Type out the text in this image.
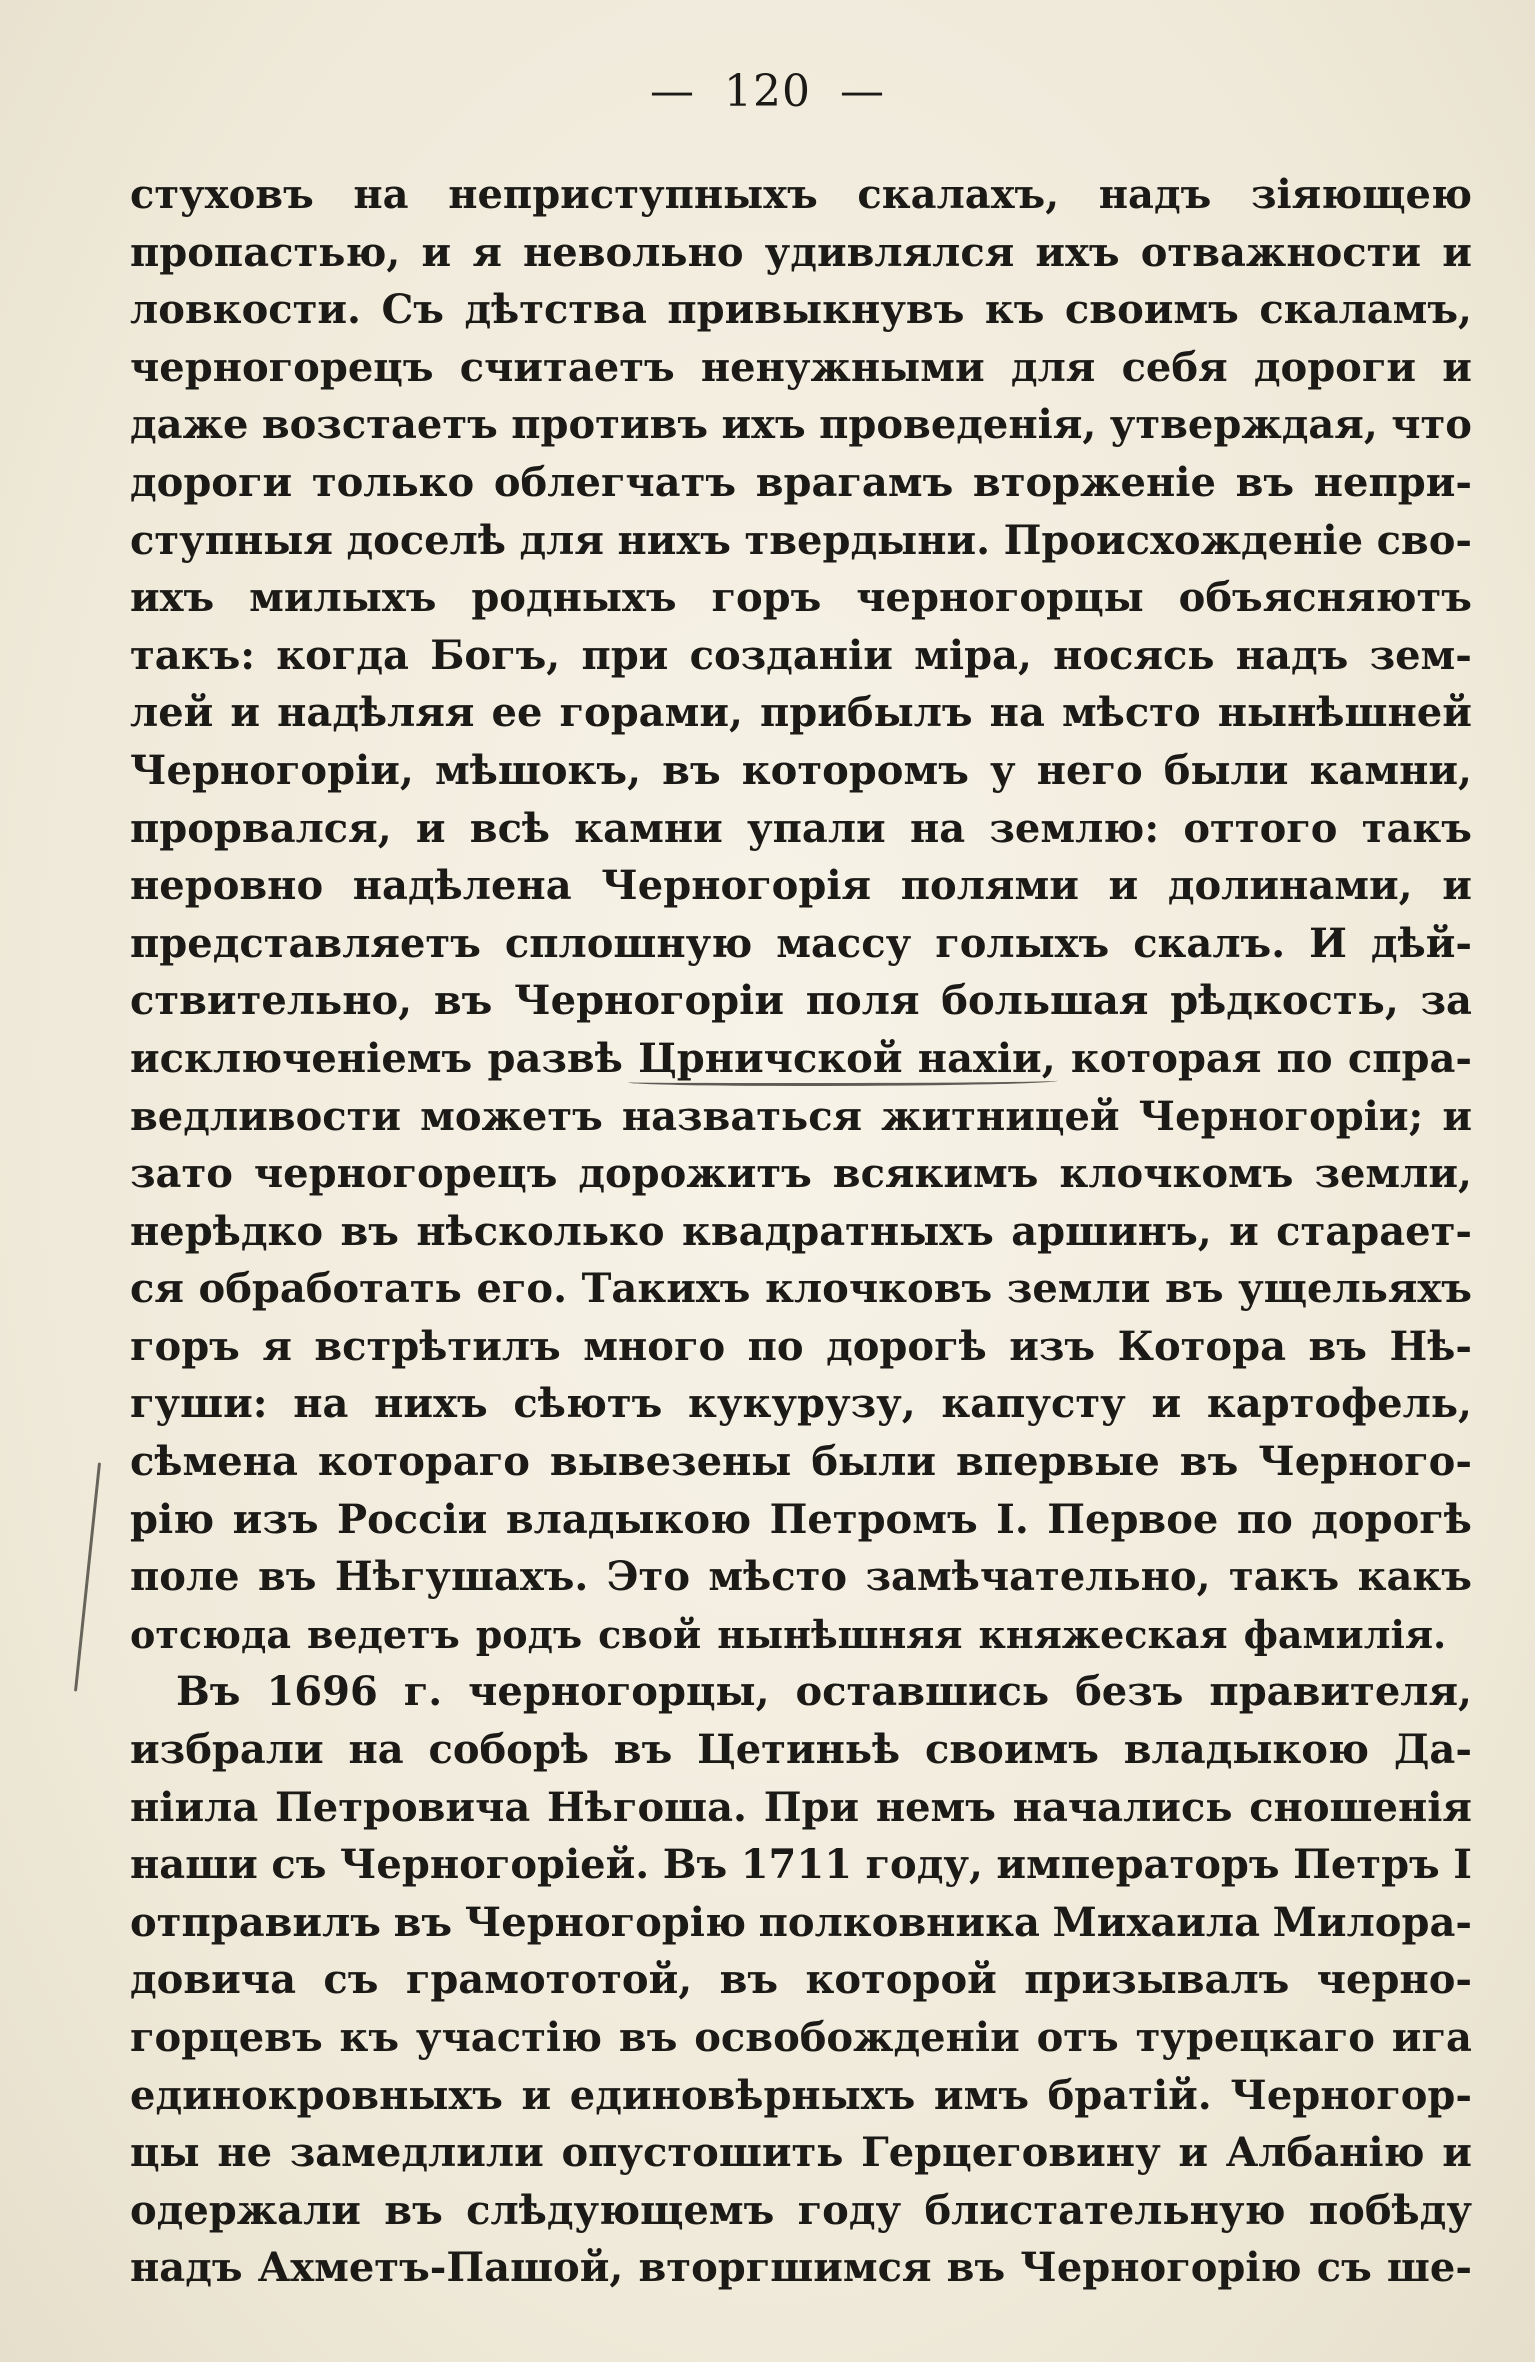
— 120 —
стуховъ на неприступныхъ скалахъ, надъ зіяющею
пропастью, и я невольно удивлялся ихъ отважности и
ловкости. Съ дѣтства привыкнувъ къ своимъ скаламъ,
черногорецъ считаетъ ненужными для себя дороги и
даже возстаетъ противъ ихъ проведенія, утверждая, что
дороги только облегчатъ врагамъ вторженіе въ непри-
ступныя доселѣ для нихъ твердыни. Происхожденіе сво-
ихъ милыхъ родныхъ горъ черногорцы объясняютъ
такъ: когда Богъ, при созданіи міра, носясь надъ зем-
лей и надѣляя ее горами, прибылъ на мѣсто нынѣшней
Черногоріи, мѣшокъ, въ которомъ у него были камни,
прорвался, и всѣ камни упали на землю: оттого такъ
неровно надѣлена Черногорія полями и долинами, и
представляетъ сплошную массу голыхъ скалъ. И дѣй-
ствительно, въ Черногоріи поля большая рѣдкость, за
исключеніемъ развѣ Црничской нахіи, которая по спра-
ведливости можетъ назваться житницей Черногоріи; и
зато черногорецъ дорожитъ всякимъ клочкомъ земли,
нерѣдко въ нѣсколько квадратныхъ аршинъ, и старает-
ся обработать его. Такихъ клочковъ земли въ ущельяхъ
горъ я встрѣтилъ много по дорогѣ изъ Котора въ Нѣ-
гуши: на нихъ сѣютъ кукурузу, капусту и картофель,
сѣмена котораго вывезены были впервые въ Черного-
рію изъ Россіи владыкою Петромъ I. Первое по дорогѣ
поле въ Нѣгушахъ. Это мѣсто замѣчательно, такъ какъ
отсюда ведетъ родъ свой нынѣшняя княжеская фамилія.
Въ 1696 г. черногорцы, оставшись безъ правителя,
избрали на соборѣ въ Цетиньѣ своимъ владыкою Да-
ніила Петровича Нѣгоша. При немъ начались сношенія
наши съ Черногоріей. Въ 1711 году, императоръ Петръ I
отправилъ въ Черногорію полковника Михаила Милора-
довича съ грамототой, въ которой призывалъ черно-
горцевъ къ участію въ освобожденіи отъ турецкаго ига
единокровныхъ и единовѣрныхъ имъ братій. Черногор-
цы не замедлили опустошить Герцеговину и Албанію и
одержали въ слѣдующемъ году блистательную побѣду
надъ Ахметъ-Пашой, вторгшимся въ Черногорію съ ше-
